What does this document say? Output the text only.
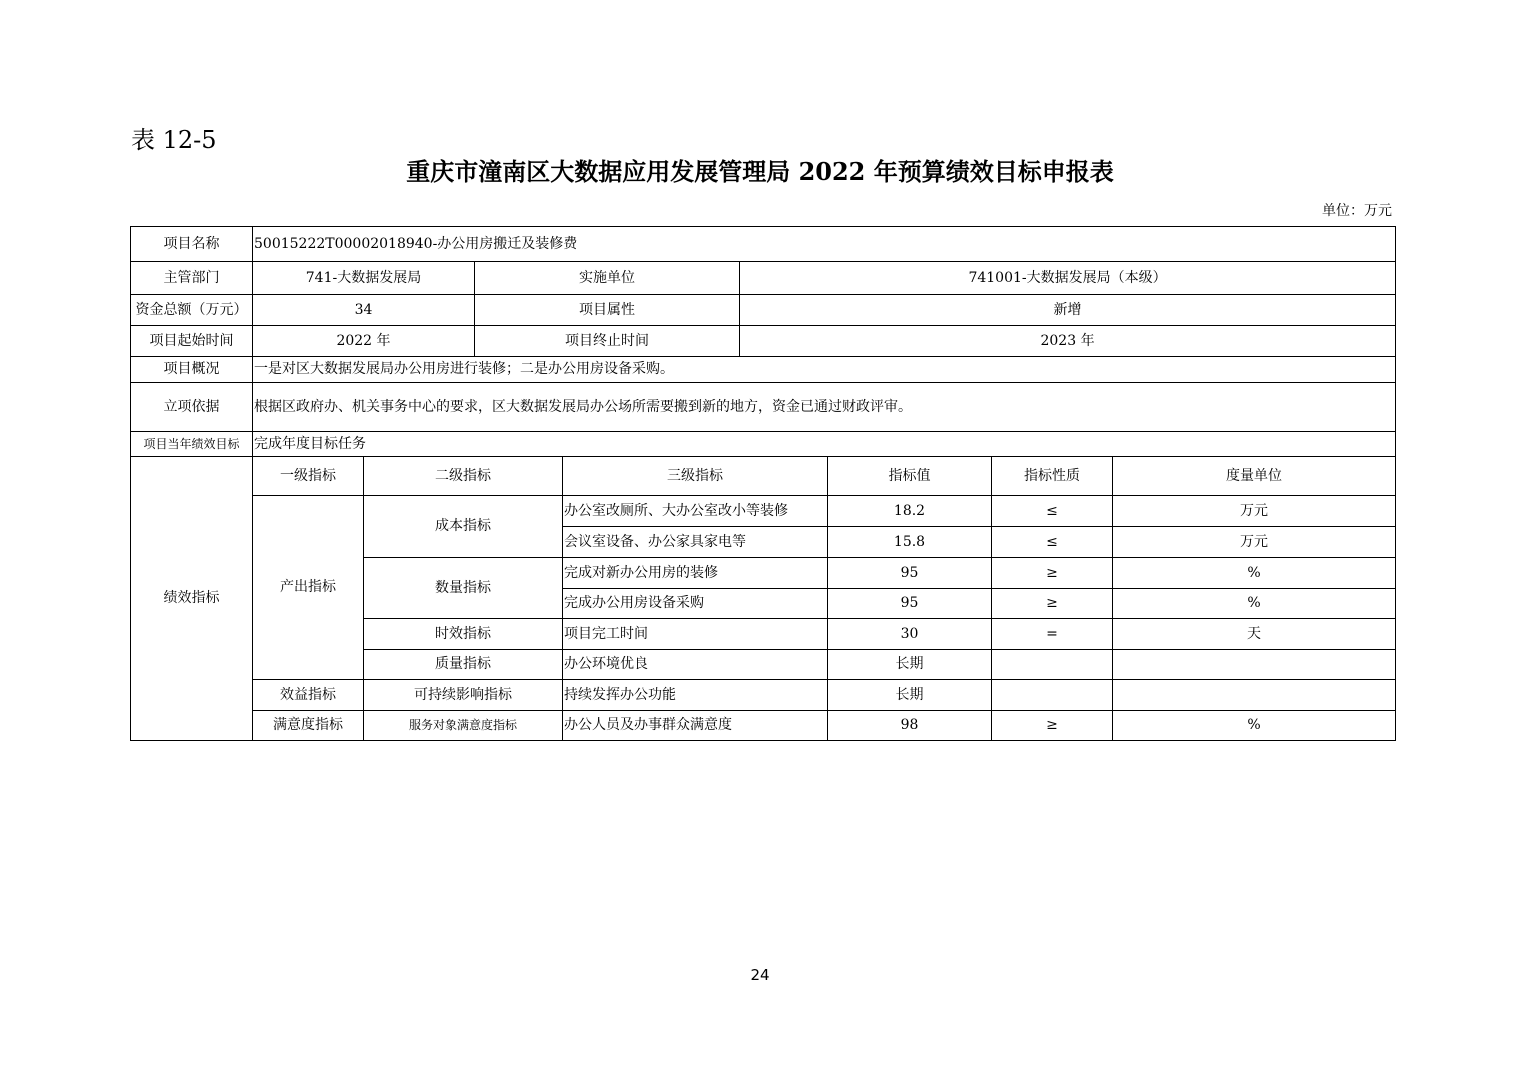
表 12-5
重庆市潼南区大数据应用发展管理局 2022 年预算绩效目标申报表
单位：万元
项目名称	50015222T00002018940-办公用房搬迁及装修费								
主管部门	741-大数据发展局		实施单位		741001-大数据发展局（本级）				
资金总额（万元）	34		项目属性		新增				
项目起始时间	2022 年		项目终止时间		2023 年				
项目概况	一是对区大数据发展局办公用房进行装修；二是办公用房设备采购。								
立项依据	根据区政府办、机关事务中心的要求，区大数据发展局办公场所需要搬到新的地方，资金已通过财政评审。								
项目当年绩效目标	完成年度目标任务								
绩效指标	一级指标	二级指标		三级指标		指标值	指标性质	度量单位	
	产出指标	成本指标		办公室改厕所、大办公室改小等装修		18.2	≤	万元	
				会议室设备、办公家具家电等		15.8	≤	万元	
		数量指标		完成对新办公用房的装修		95	≥	%	
				完成办公用房设备采购		95	≥	%	
		时效指标		项目完工时间		30	=	天	
		质量指标		办公环境优良		长期			
	效益指标	可持续影响指标		持续发挥办公功能		长期			
	满意度指标	服务对象满意度指标		办公人员及办事群众满意度		98	≥	%	
24
